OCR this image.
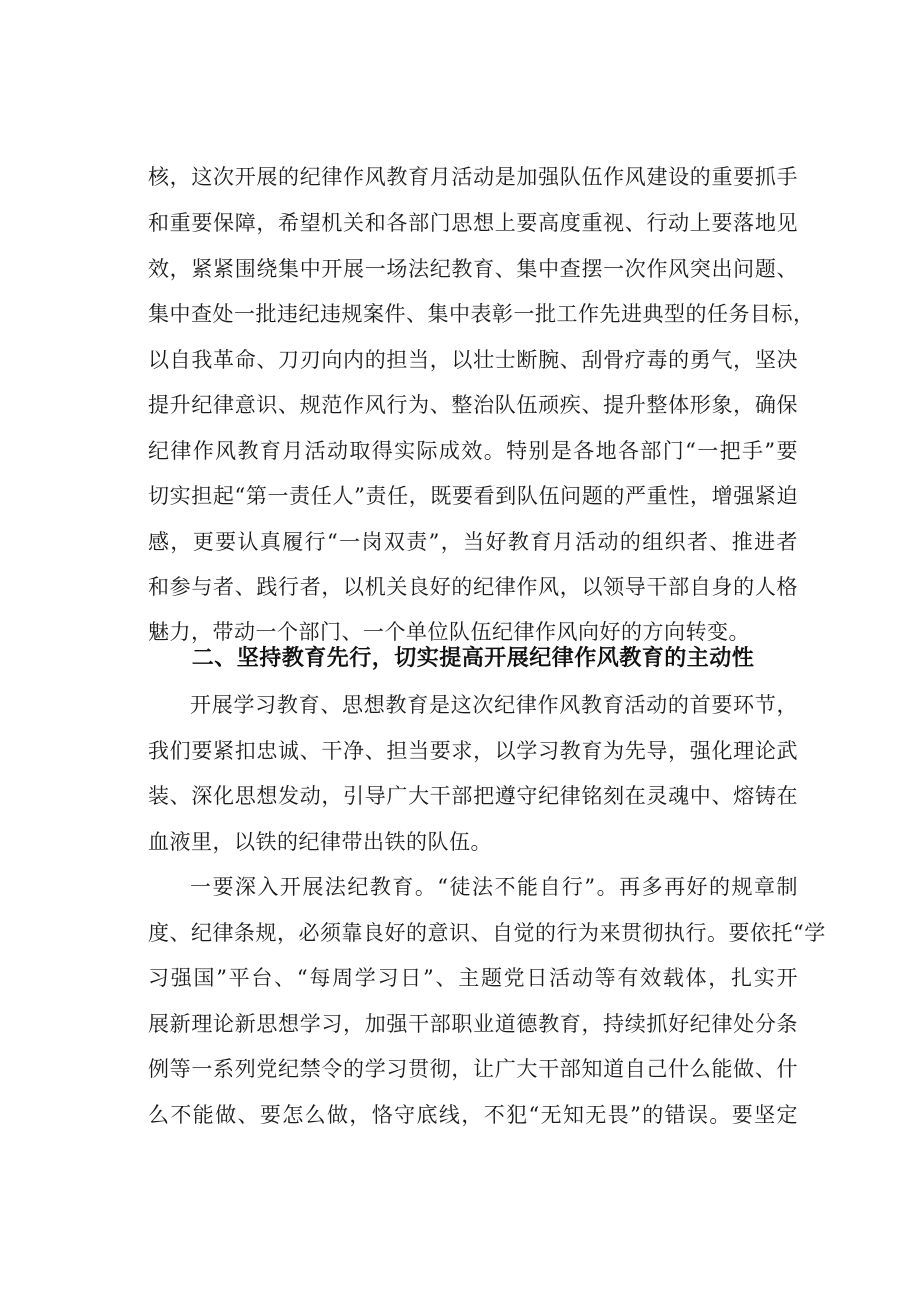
核，这次开展的纪律作风教育月活动是加强队伍作风建设的重要抓手
和重要保障，希望机关和各部门思想上要高度重视、行动上要落地见
效，紧紧围绕集中开展一场法纪教育、集中查摆一次作风突出问题、
集中查处一批违纪违规案件、集中表彰一批工作先进典型的任务目标，
以自我革命、刀刃向内的担当，以壮士断腕、刮骨疗毒的勇气，坚决
提升纪律意识、规范作风行为、整治队伍顽疾、提升整体形象，确保
纪律作风教育月活动取得实际成效。特别是各地各部门“一把手”要
切实担起“第一责任人”责任，既要看到队伍问题的严重性，增强紧迫
感，更要认真履行“一岗双责”，当好教育月活动的组织者、推进者
和参与者、践行者，以机关良好的纪律作风，以领导干部自身的人格
魅力，带动一个部门、一个单位队伍纪律作风向好的方向转变。
二、坚持教育先行，切实提高开展纪律作风教育的主动性
开展学习教育、思想教育是这次纪律作风教育活动的首要环节，
我们要紧扣忠诚、干净、担当要求，以学习教育为先导，强化理论武
装、深化思想发动，引导广大干部把遵守纪律铭刻在灵魂中、熔铸在
血液里，以铁的纪律带出铁的队伍。
一要深入开展法纪教育。“徒法不能自行”。再多再好的规章制
度、纪律条规，必须靠良好的意识、自觉的行为来贯彻执行。要依托“学
习强国”平台、“每周学习日”、主题党日活动等有效载体，扎实开
展新理论新思想学习，加强干部职业道德教育，持续抓好纪律处分条
例等一系列党纪禁令的学习贯彻，让广大干部知道自己什么能做、什
么不能做、要怎么做，恪守底线，不犯“无知无畏”的错误。要坚定
